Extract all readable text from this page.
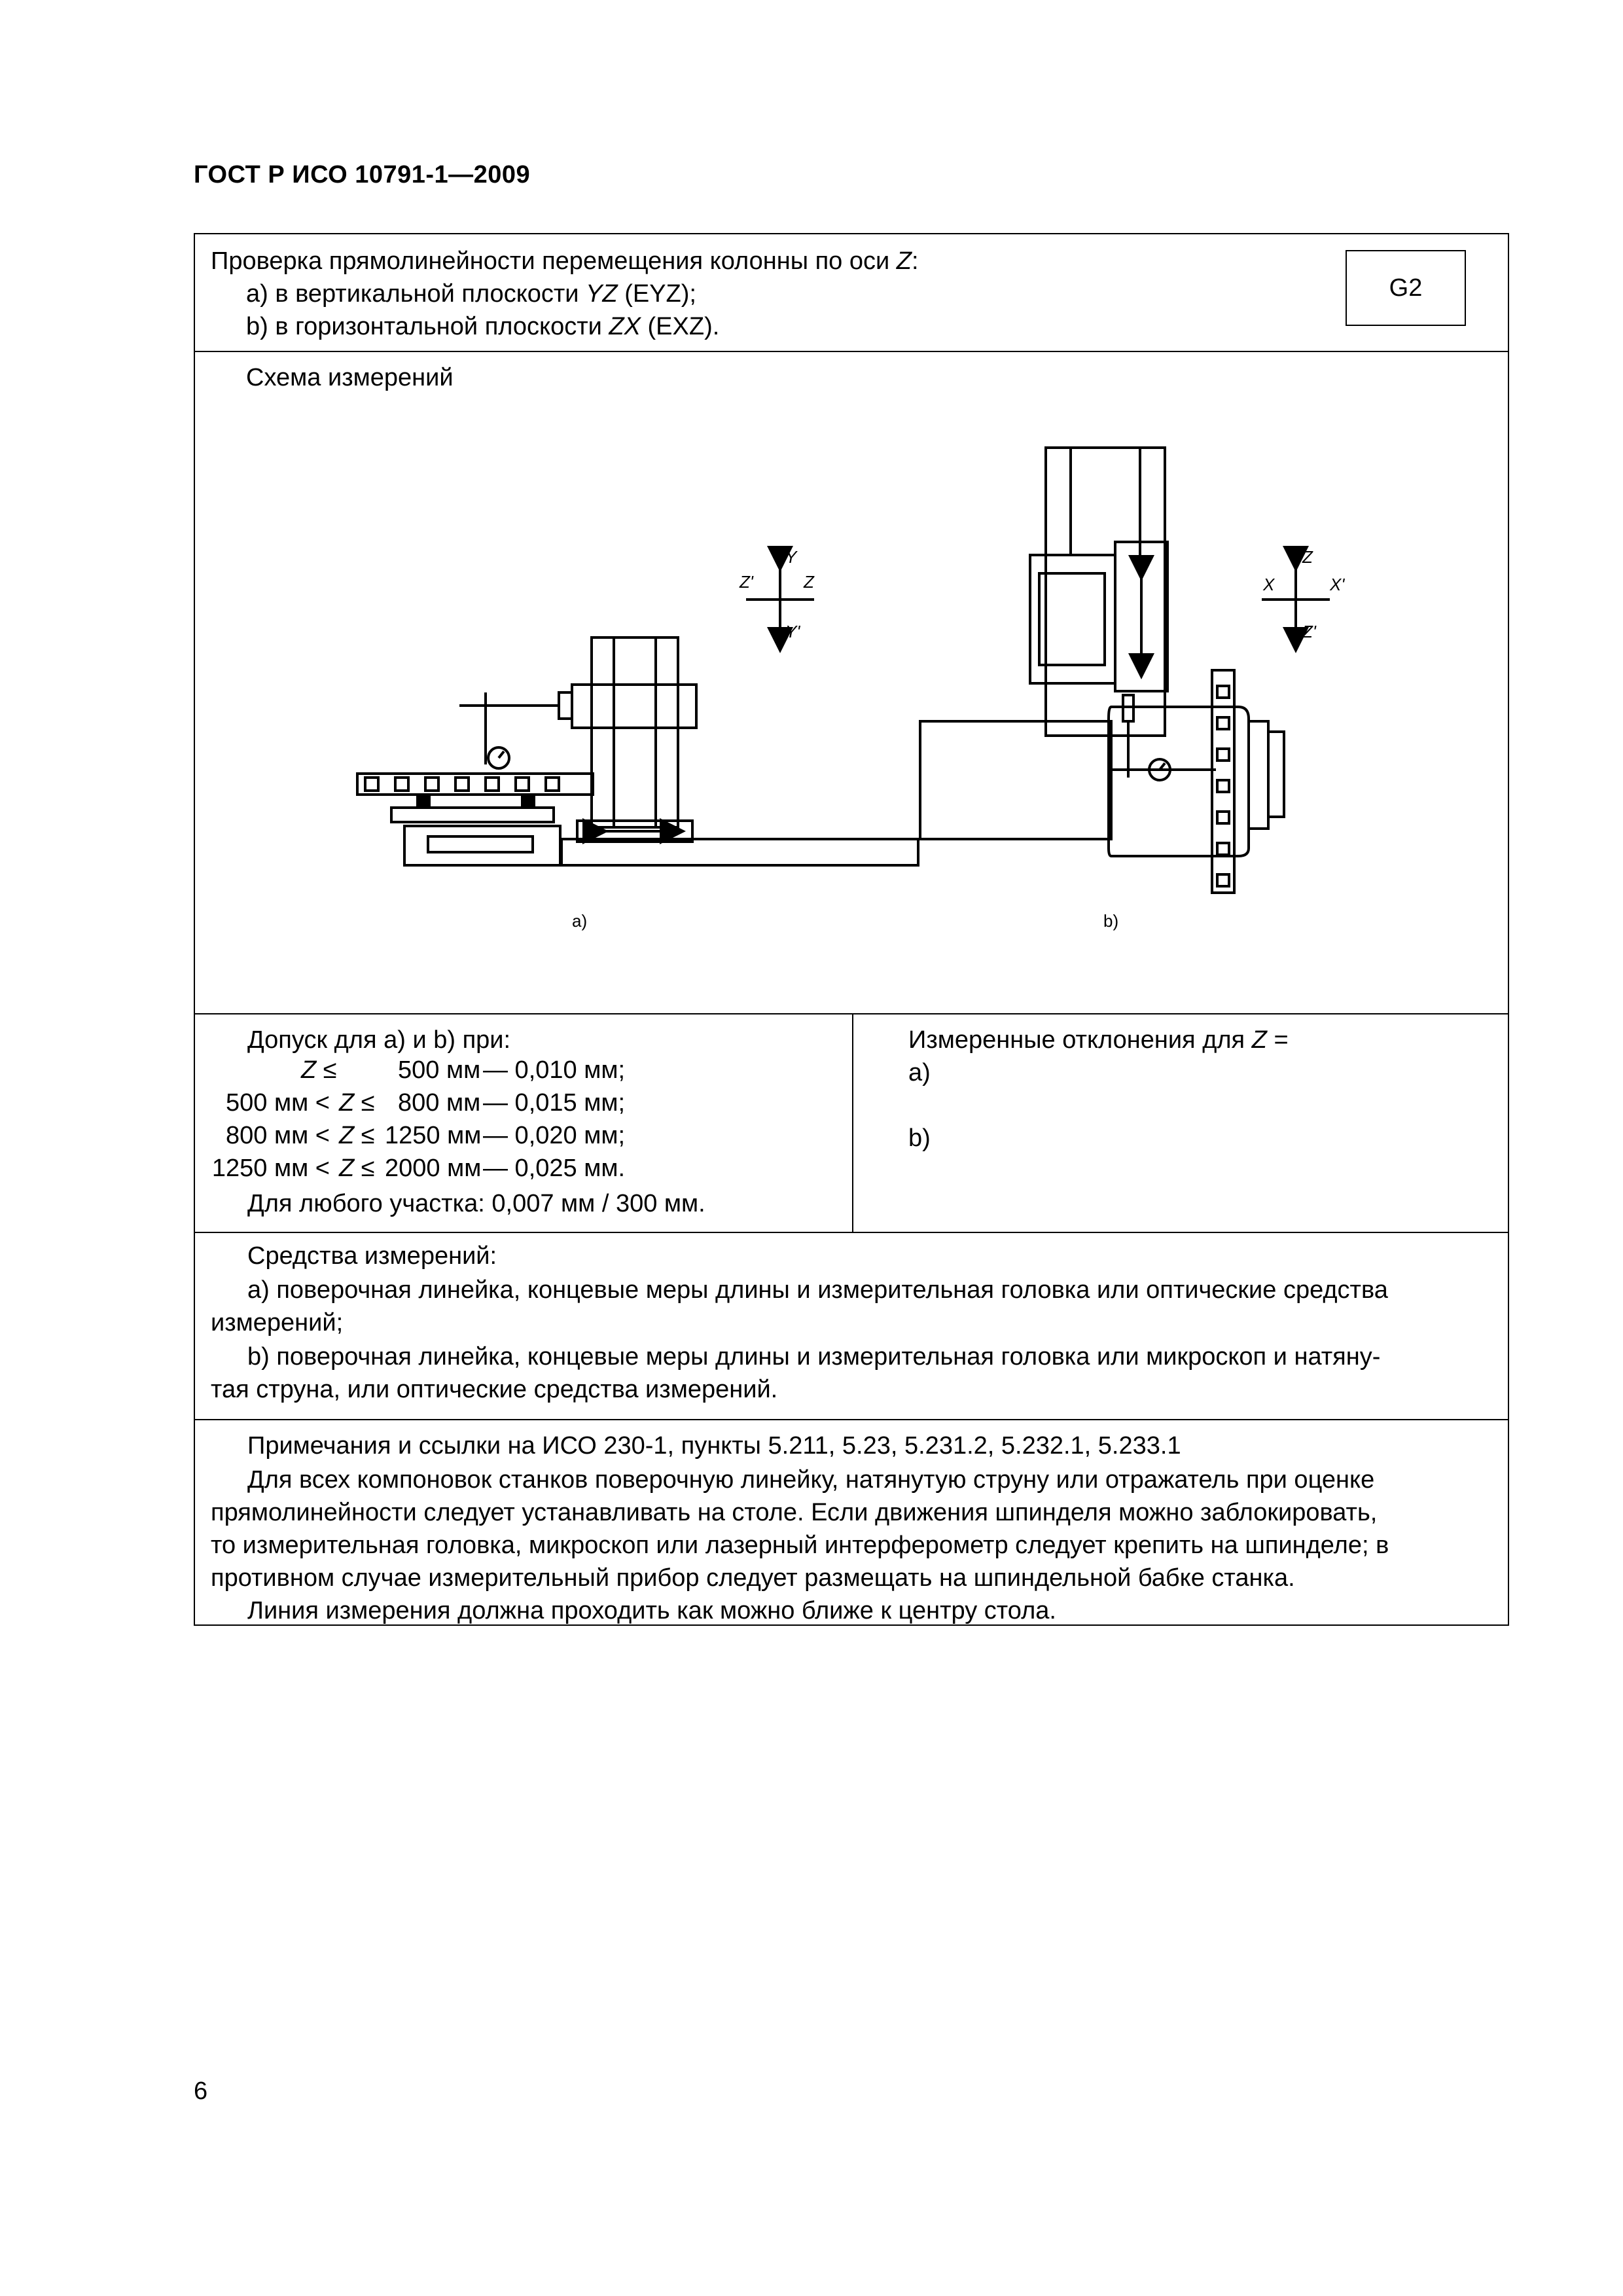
ГОСТ Р ИСО 10791-1—2009
Проверка прямолинейности перемещения колонны по оси Z:
а) в вертикальной плоскости YZ (EYZ);
b) в горизонтальной плоскости ZX (EXZ).
G2
Схема измерений
Y
Y'
Z'	Z
Z
Z'
X	X'
а)	b)
Допуск для а) и b) при:
Z ≤ 500 мм — 0,010 мм;
500 мм < Z ≤ 800 мм — 0,015 мм;
800 мм < Z ≤ 1250 мм — 0,020 мм;
1250 мм < Z ≤ 2000 мм — 0,025 мм.
Для любого участка: 0,007 мм / 300 мм.
Измеренные отклонения для Z =
а)
b)
Средства измерений:
а) поверочная линейка, концевые меры длины и измерительная головка или оптические средства
измерений;
b) поверочная линейка, концевые меры длины и измерительная головка или микроскоп и натяну-
тая струна, или оптические средства измерений.
Примечания и ссылки на ИСО 230-1, пункты 5.211, 5.23, 5.231.2, 5.232.1, 5.233.1
Для всех компоновок станков поверочную линейку, натянутую струну или отражатель при оценке
прямолинейности следует устанавливать на столе. Если движения шпинделя можно заблокировать,
то измерительная головка, микроскоп или лазерный интерферометр следует крепить на шпинделе; в
противном случае измерительный прибор следует размещать на шпиндельной бабке станка.
Линия измерения должна проходить как можно ближе к центру стола.
6
